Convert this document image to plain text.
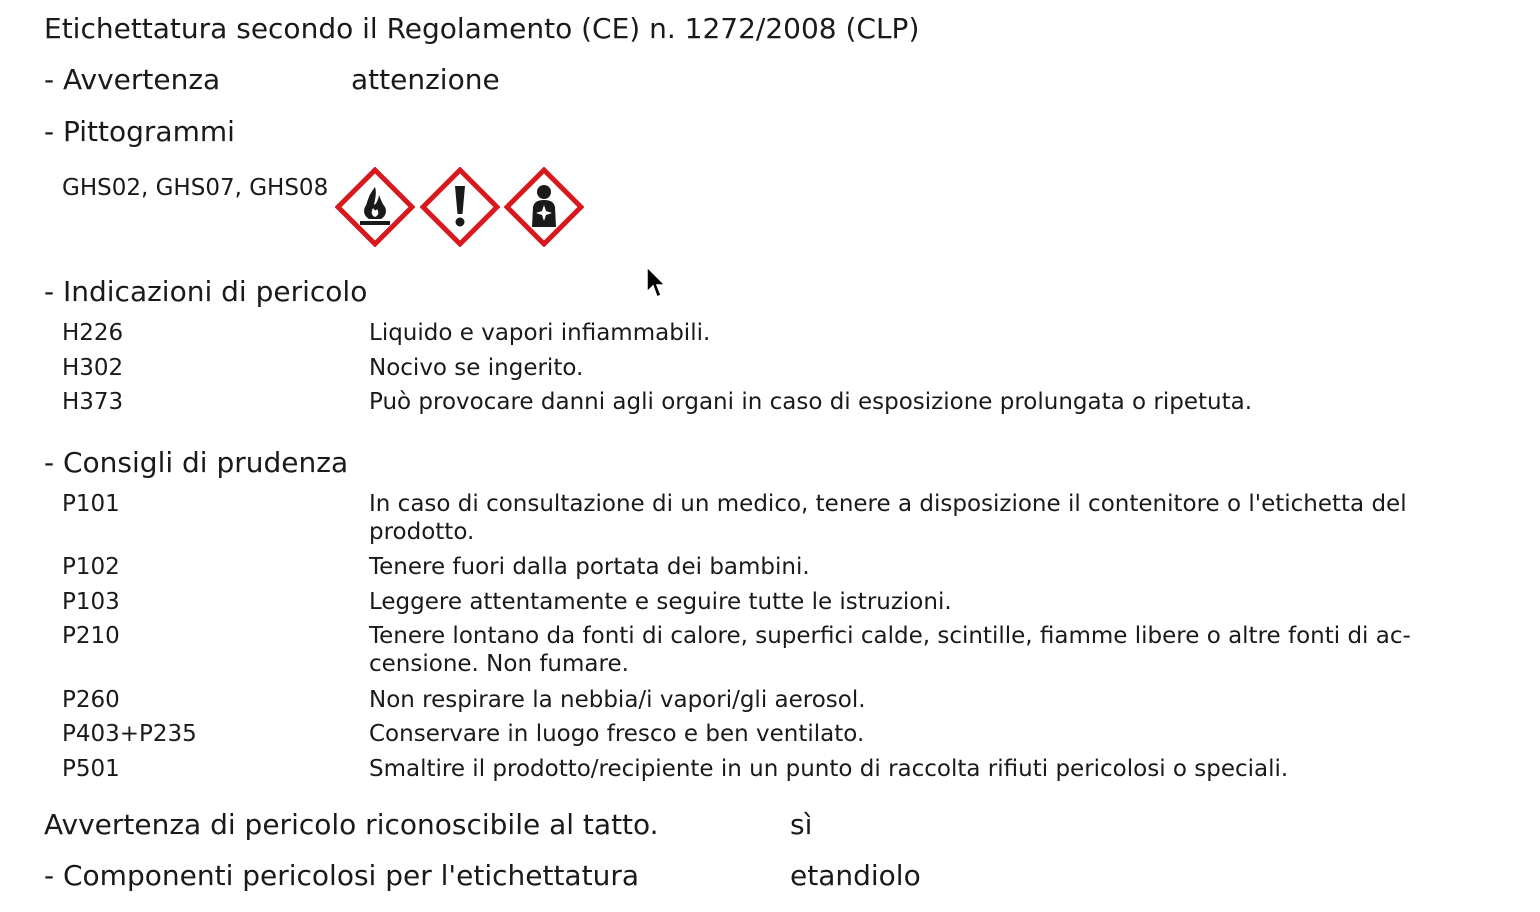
Etichettatura secondo il Regolamento (CE) n. 1272/2008 (CLP)
- Avvertenza	attenzione
- Pittogrammi
GHS02, GHS07, GHS08
- Indicazioni di pericolo
H226	Liquido e vapori infiammabili.
H302	Nocivo se ingerito.
H373	Può provocare danni agli organi in caso di esposizione prolungata o ripetuta.
- Consigli di prudenza
P101	In caso di consultazione di un medico, tenere a disposizione il contenitore o l'etichetta del
prodotto.
P102	Tenere fuori dalla portata dei bambini.
P103	Leggere attentamente e seguire tutte le istruzioni.
P210	Tenere lontano da fonti di calore, superfici calde, scintille, fiamme libere o altre fonti di ac-
censione. Non fumare.
P260	Non respirare la nebbia/i vapori/gli aerosol.
P403+P235	Conservare in luogo fresco e ben ventilato.
P501	Smaltire il prodotto/recipiente in un punto di raccolta rifiuti pericolosi o speciali.
Avvertenza di pericolo riconoscibile al tatto.	sì
- Componenti pericolosi per l'etichettatura	etandiolo
